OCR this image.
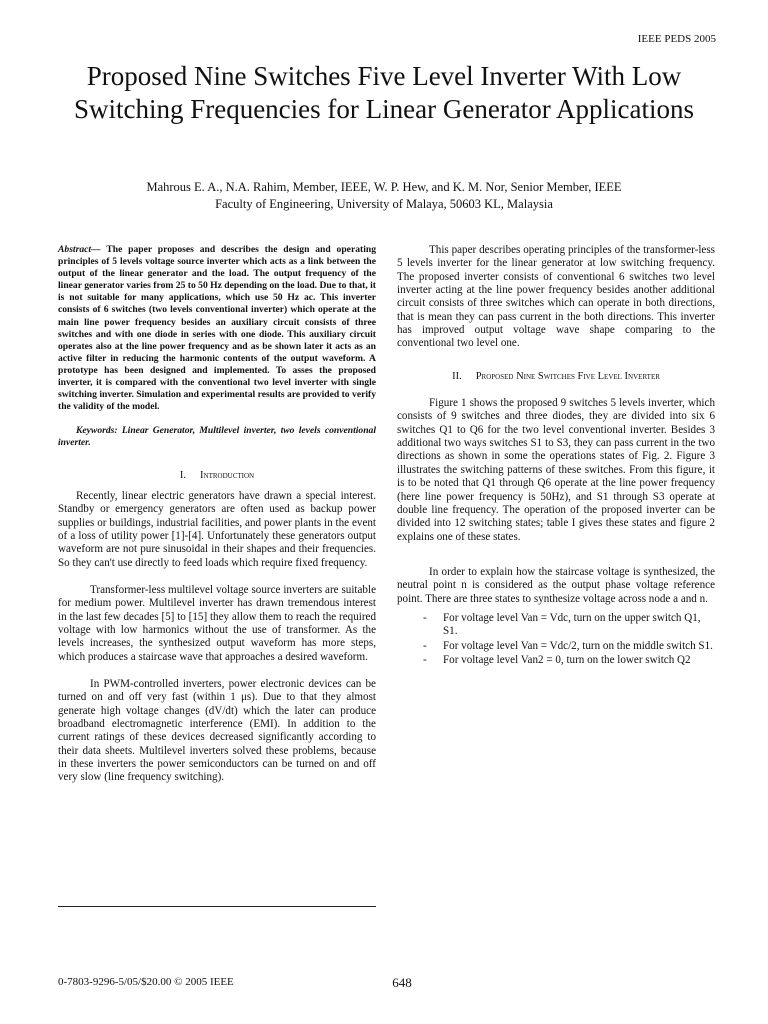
IEEE PEDS 2005
Proposed Nine Switches Five Level Inverter With Low Switching Frequencies for Linear Generator Applications
Mahrous E. A., N.A. Rahim, Member, IEEE, W. P. Hew, and K. M. Nor, Senior Member, IEEE
Faculty of Engineering, University of Malaya, 50603 KL, Malaysia

Abstract— The paper proposes and describes the design and operating principles of 5 levels voltage source inverter which acts as a link between the output of the linear generator and the load. The output frequency of the linear generator varies from 25 to 50 Hz depending on the load. Due to that, it is not suitable for many applications, which use 50 Hz ac. This inverter consists of 6 switches (two levels conventional inverter) which operate at the main line power frequency besides an auxiliary circuit consists of three switches and with one diode in series with one diode. This auxiliary circuit operates also at the line power frequency and as be shown later it acts as an active filter in reducing the harmonic contents of the output waveform. A prototype has been designed and implemented. To asses the proposed inverter, it is compared with the conventional two level inverter with single switching inverter. Simulation and experimental results are provided to verify the validity of the model.

Keywords: Linear Generator, Multilevel inverter, two levels conventional inverter.

I. Introduction

Recently, linear electric generators have drawn a special interest. Standby or emergency generators are often used as backup power supplies or buildings, industrial facilities, and power plants in the event of a loss of utility power [1]-[4]. Unfortunately these generators output waveform are not pure sinusoidal in their shapes and their frequencies. So they can't use directly to feed loads which require fixed frequency.

Transformer-less multilevel voltage source inverters are suitable for medium power. Multilevel inverter has drawn tremendous interest in the last few decades [5] to [15] they allow them to reach the required voltage with low harmonics without the use of transformer. As the levels increases, the synthesized output waveform has more steps, which produces a staircase wave that approaches a desired waveform.

In PWM-controlled inverters, power electronic devices can be turned on and off very fast (within 1 μs). Due to that they almost generate high voltage changes (dV/dt) which the later can produce broadband electromagnetic interference (EMI). In addition to the current ratings of these devices decreased significantly according to their data sheets. Multilevel inverters solved these problems, because in these inverters the power semiconductors can be turned on and off very slow (line frequency switching).

This paper describes operating principles of the transformer-less 5 levels inverter for the linear generator at low switching frequency. The proposed inverter consists of conventional 6 switches two level inverter acting at the line power frequency besides another additional circuit consists of three switches which can operate in both directions, that is mean they can pass current in the both directions. This inverter has improved output voltage wave shape comparing to the conventional two level one.

II. Proposed Nine Switches Five Level Inverter

Figure 1 shows the proposed 9 switches 5 levels inverter, which consists of 9 switches and three diodes, they are divided into six 6 switches Q1 to Q6 for the two level conventional inverter. Besides 3 additional two ways switches S1 to S3, they can pass current in the two directions as shown in some the operations states of Fig. 2. Figure 3 illustrates the switching patterns of these switches. From this figure, it is to be noted that Q1 through Q6 operate at the line power frequency (here line power frequency is 50Hz), and S1 through S3 operate at double line frequency. The operation of the proposed inverter can be divided into 12 switching states; table I gives these states and figure 2 explains one of these states.

In order to explain how the staircase voltage is synthesized, the neutral point n is considered as the output phase voltage reference point. There are three states to synthesize voltage across node a and n.

- For voltage level Van = Vdc, turn on the upper switch Q1, S1.
- For voltage level Van = Vdc/2, turn on the middle switch S1.
- For voltage level Van2 = 0, turn on the lower switch Q2
0-7803-9296-5/05/$20.00 © 2005 IEEE	648
